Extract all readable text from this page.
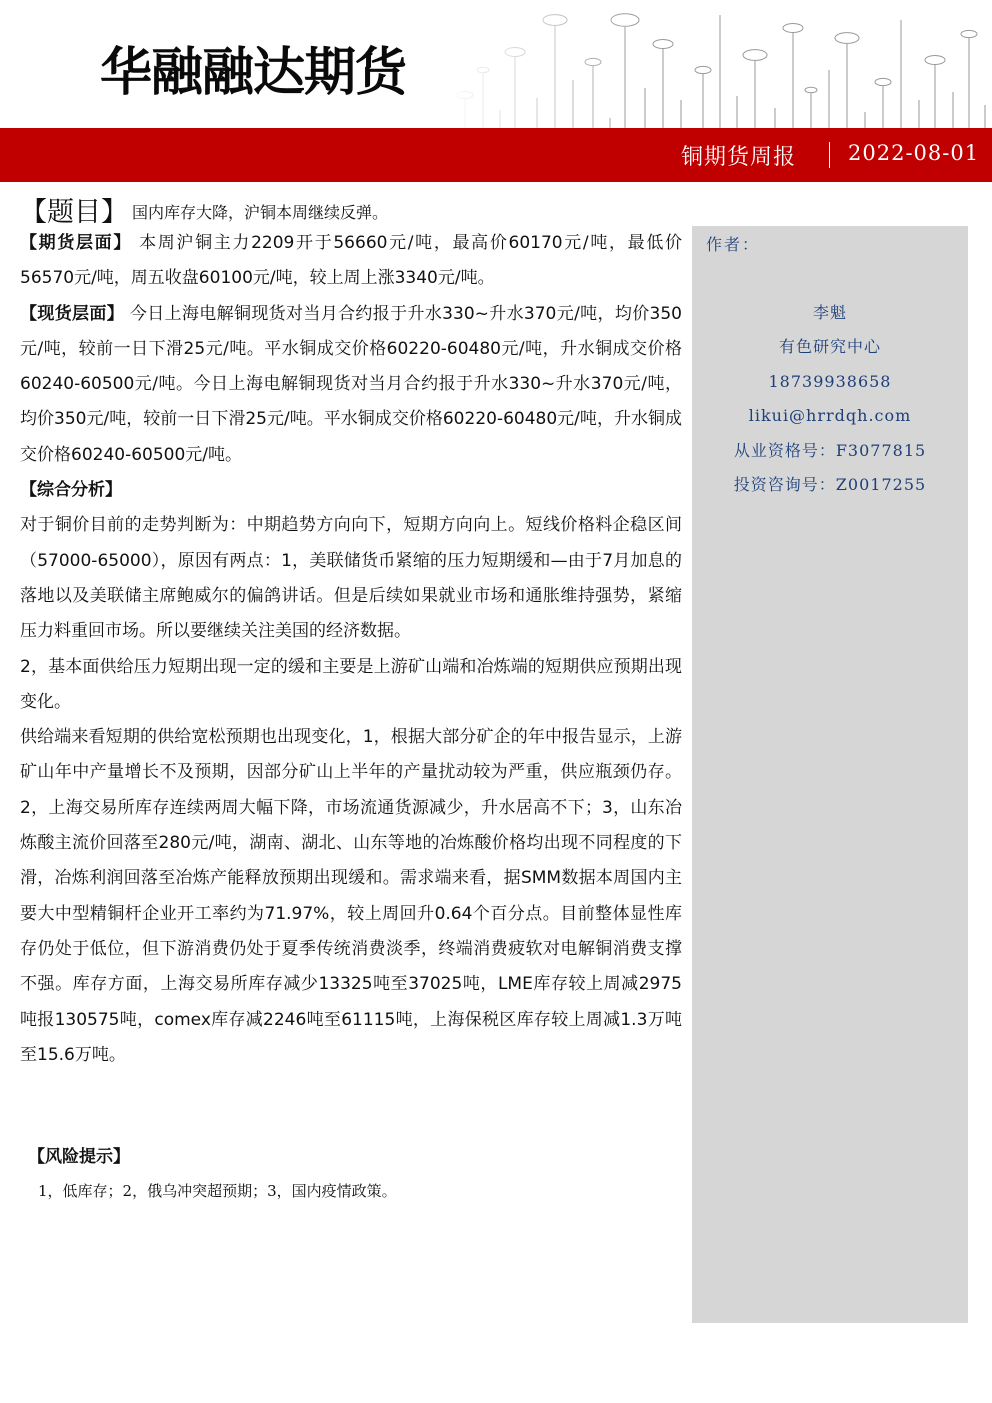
华融融达期货
铜期货周报 2022-08-01
【题目】 国内库存大降，沪铜本周继续反弹。

【期货层面】 本周沪铜主力2209开于56660元/吨，最高价60170元/吨，最低价56570元/吨，周五收盘60100元/吨，较上周上涨3340元/吨。

【现货层面】 今日上海电解铜现货对当月合约报于升水330~升水370元/吨，均价350元/吨，较前一日下滑25元/吨。平水铜成交价格60220-60480元/吨，升水铜成交价格60240-60500元/吨。今日上海电解铜现货对当月合约报于升水330~升水370元/吨，均价350元/吨，较前一日下滑25元/吨。平水铜成交价格60220-60480元/吨，升水铜成交价格60240-60500元/吨。

【综合分析】

对于铜价目前的走势判断为：中期趋势方向向下，短期方向向上。短线价格料企稳区间（57000-65000），原因有两点：1，美联储货币紧缩的压力短期缓和—由于7月加息的落地以及美联储主席鲍威尔的偏鸽讲话。但是后续如果就业市场和通胀维持强势，紧缩压力料重回市场。所以要继续关注美国的经济数据。

2，基本面供给压力短期出现一定的缓和主要是上游矿山端和冶炼端的短期供应预期出现变化。

供给端来看短期的供给宽松预期也出现变化，1，根据大部分矿企的年中报告显示，上游矿山年中产量增长不及预期，因部分矿山上半年的产量扰动较为严重，供应瓶颈仍存。2，上海交易所库存连续两周大幅下降，市场流通货源减少，升水居高不下；3，山东冶炼酸主流价回落至280元/吨，湖南、湖北、山东等地的冶炼酸价格均出现不同程度的下滑，冶炼利润回落至冶炼产能释放预期出现缓和。需求端来看，据SMM数据本周国内主要大中型精铜杆企业开工率约为71.97%，较上周回升0.64个百分点。目前整体显性库存仍处于低位，但下游消费仍处于夏季传统消费淡季，终端消费疲软对电解铜消费支撑不强。库存方面，上海交易所库存减少13325吨至37025吨，LME库存较上周减2975吨报130575吨，comex库存减2246吨至61115吨，上海保税区库存较上周减1.3万吨至15.6万吨。

【风险提示】
1，低库存；2，俄乌冲突超预期；3，国内疫情政策。
作者：
李魁
有色研究中心
18739938658
likui@hrrdqh.com
从业资格号：F3077815
投资咨询号：Z0017255
